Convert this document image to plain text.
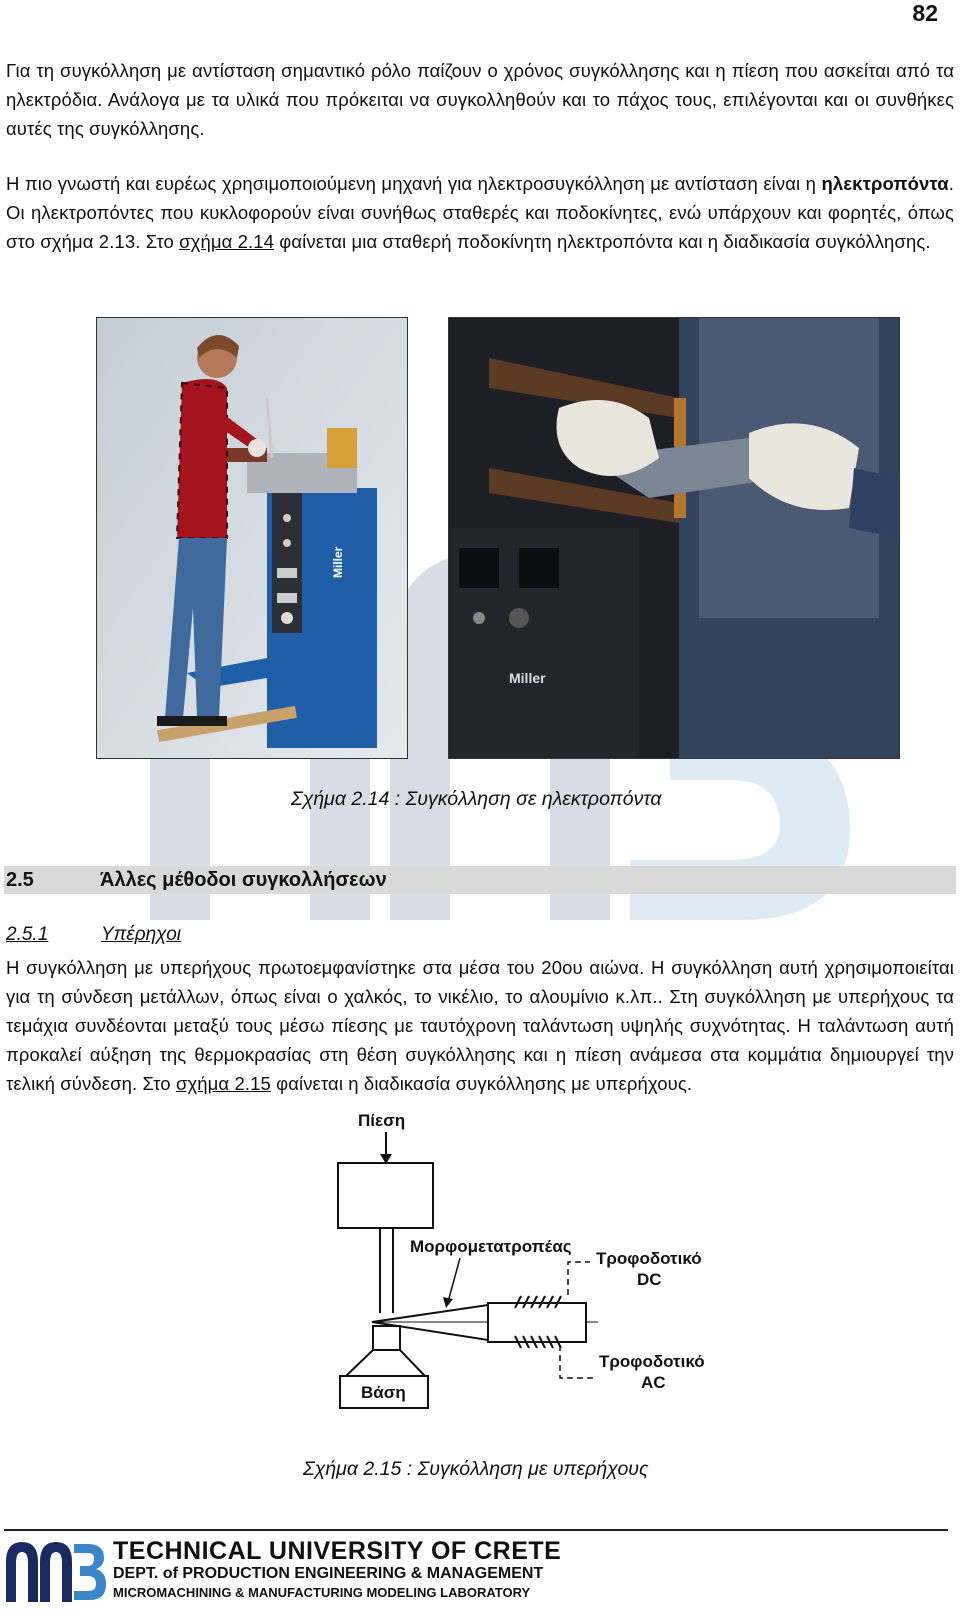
82

Για τη συγκόλληση με αντίσταση σημαντικό ρόλο παίζουν ο χρόνος συγκόλλησης και η πίεση που ασκείται από τα ηλεκτρόδια. Ανάλογα με τα υλικά που πρόκειται να συγκολληθούν και το πάχος τους, επιλέγονται και οι συνθήκες αυτές της συγκόλλησης.

Η πιο γνωστή και ευρέως χρησιμοποιούμενη μηχανή για ηλεκτροσυγκόλληση με αντίσταση είναι η ηλεκτροπόντα. Οι ηλεκτροπόντες που κυκλοφορούν είναι συνήθως σταθερές και ποδοκίνητες, ενώ υπάρχουν και φορητές, όπως στο σχήμα 2.13. Στο σχήμα 2.14 φαίνεται μια σταθερή ποδοκίνητη ηλεκτροπόντα και η διαδικασία συγκόλλησης.

Miller
Miller
Σχήμα 2.14 : Συγκόλληση σε ηλεκτροπόντα
2.5	Άλλες μέθοδοι συγκολλήσεων
2.5.1	Υπέρηχοι

Η συγκόλληση με υπερήχους πρωτοεμφανίστηκε στα μέσα του 20ου αιώνα. Η συγκόλληση αυτή χρησιμοποιείται για τη σύνδεση μετάλλων, όπως είναι ο χαλκός, το νικέλιο, το αλουμίνιο κ.λπ.. Στη συγκόλληση με υπερήχους τα τεμάχια συνδέονται μεταξύ τους μέσω πίεσης με ταυτόχρονη ταλάντωση υψηλής συχνότητας. Η ταλάντωση αυτή προκαλεί αύξηση της θερμοκρασίας στη θέση συγκόλλησης και η πίεση ανάμεσα στα κομμάτια δημιουργεί την τελική σύνδεση. Στο σχήμα 2.15 φαίνεται η διαδικασία συγκόλλησης με υπερήχους.

Πίεση
Μορφομετατροπέας
Τροφοδοτικό
DC
Τροφοδοτικό
AC
Βάση
Σχήμα 2.15 : Συγκόλληση με υπερήχους
TECHNICAL UNIVERSITY OF CRETE
DEPT. of PRODUCTION ENGINEERING & MANAGEMENT
MICROMACHINING & MANUFACTURING MODELING LABORATORY
